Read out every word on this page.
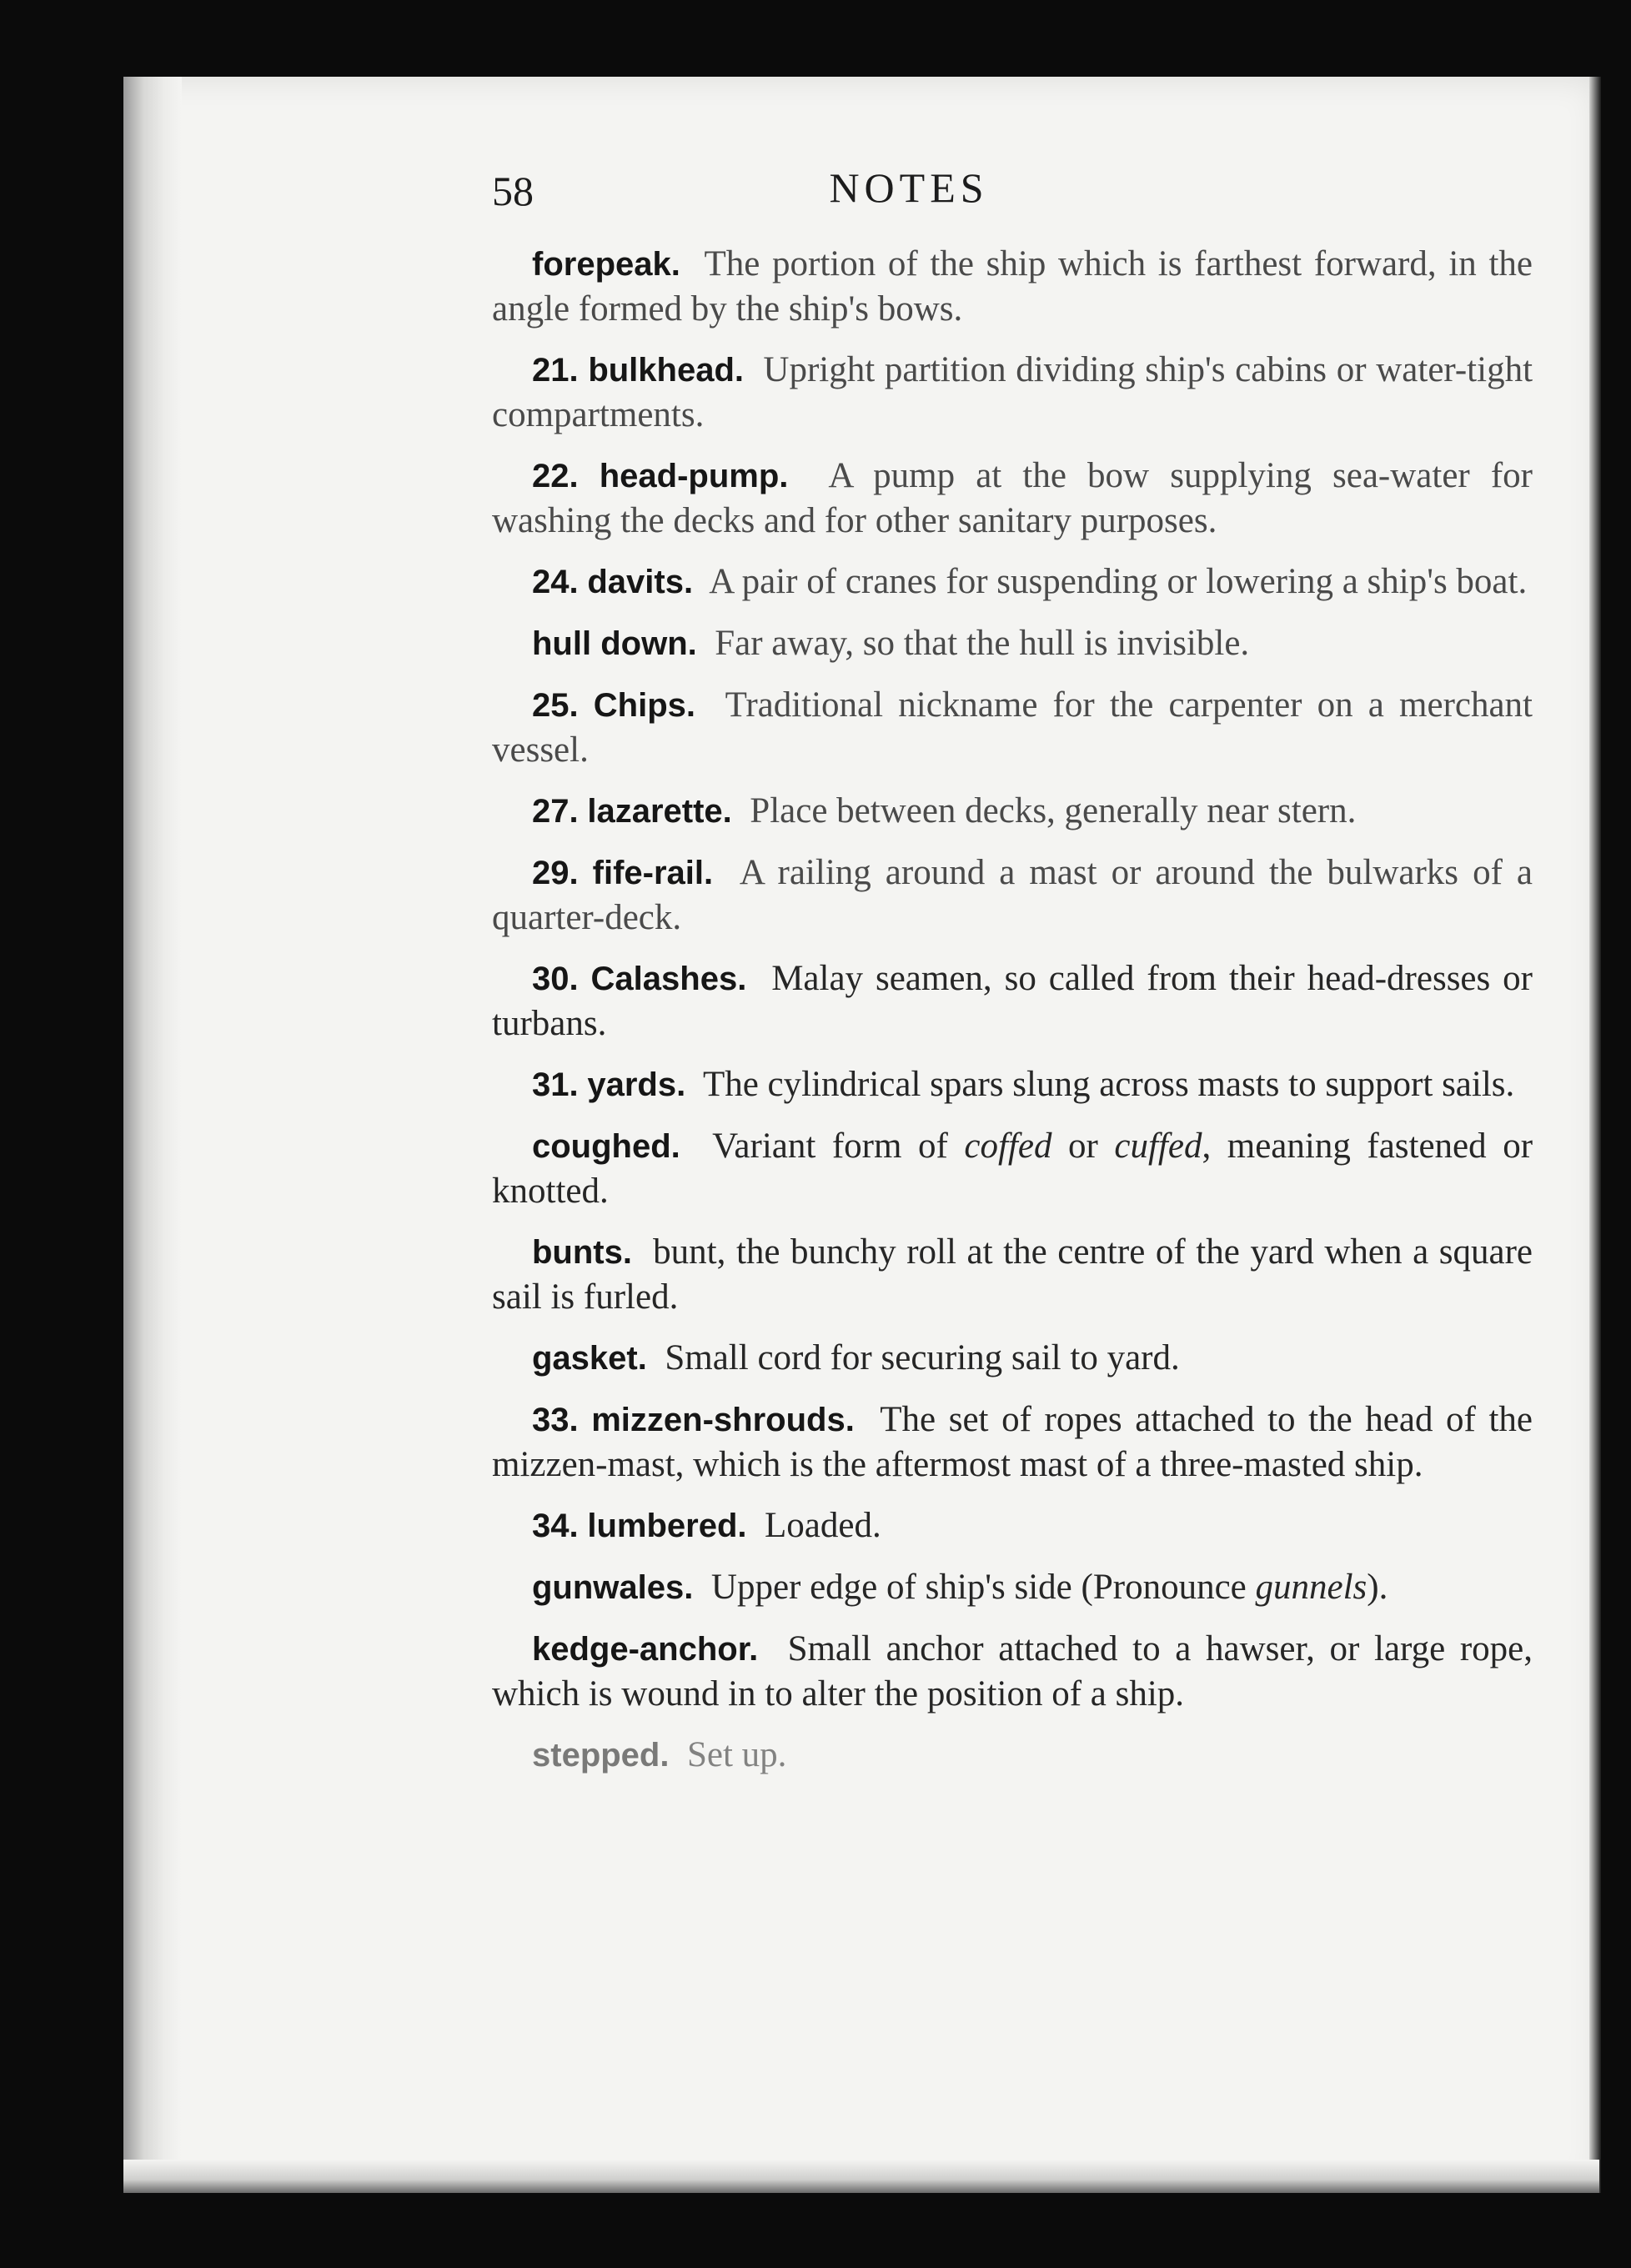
58	NOTES

forepeak. The portion of the ship which is farthest forward, in the angle formed by the ship's bows.

21. bulkhead. Upright partition dividing ship's cabins or water-tight compartments.

22. head-pump. A pump at the bow supplying sea-water for washing the decks and for other sanitary purposes.

24. davits. A pair of cranes for suspending or lowering a ship's boat.

hull down. Far away, so that the hull is invisible.

25. Chips. Traditional nickname for the carpenter on a merchant vessel.

27. lazarette. Place between decks, generally near stern.

29. fife-rail. A railing around a mast or around the bulwarks of a quarter-deck.

30. Calashes. Malay seamen, so called from their head-dresses or turbans.

31. yards. The cylindrical spars slung across masts to support sails.

coughed. Variant form of coffed or cuffed, meaning fastened or knotted.

bunts. bunt, the bunchy roll at the centre of the yard when a square sail is furled.

gasket. Small cord for securing sail to yard.

33. mizzen-shrouds. The set of ropes attached to the head of the mizzen-mast, which is the aftermost mast of a three-masted ship.

34. lumbered. Loaded.

gunwales. Upper edge of ship's side (Pronounce gunnels).

kedge-anchor. Small anchor attached to a hawser, or large rope, which is wound in to alter the position of a ship.

stepped. Set up.
